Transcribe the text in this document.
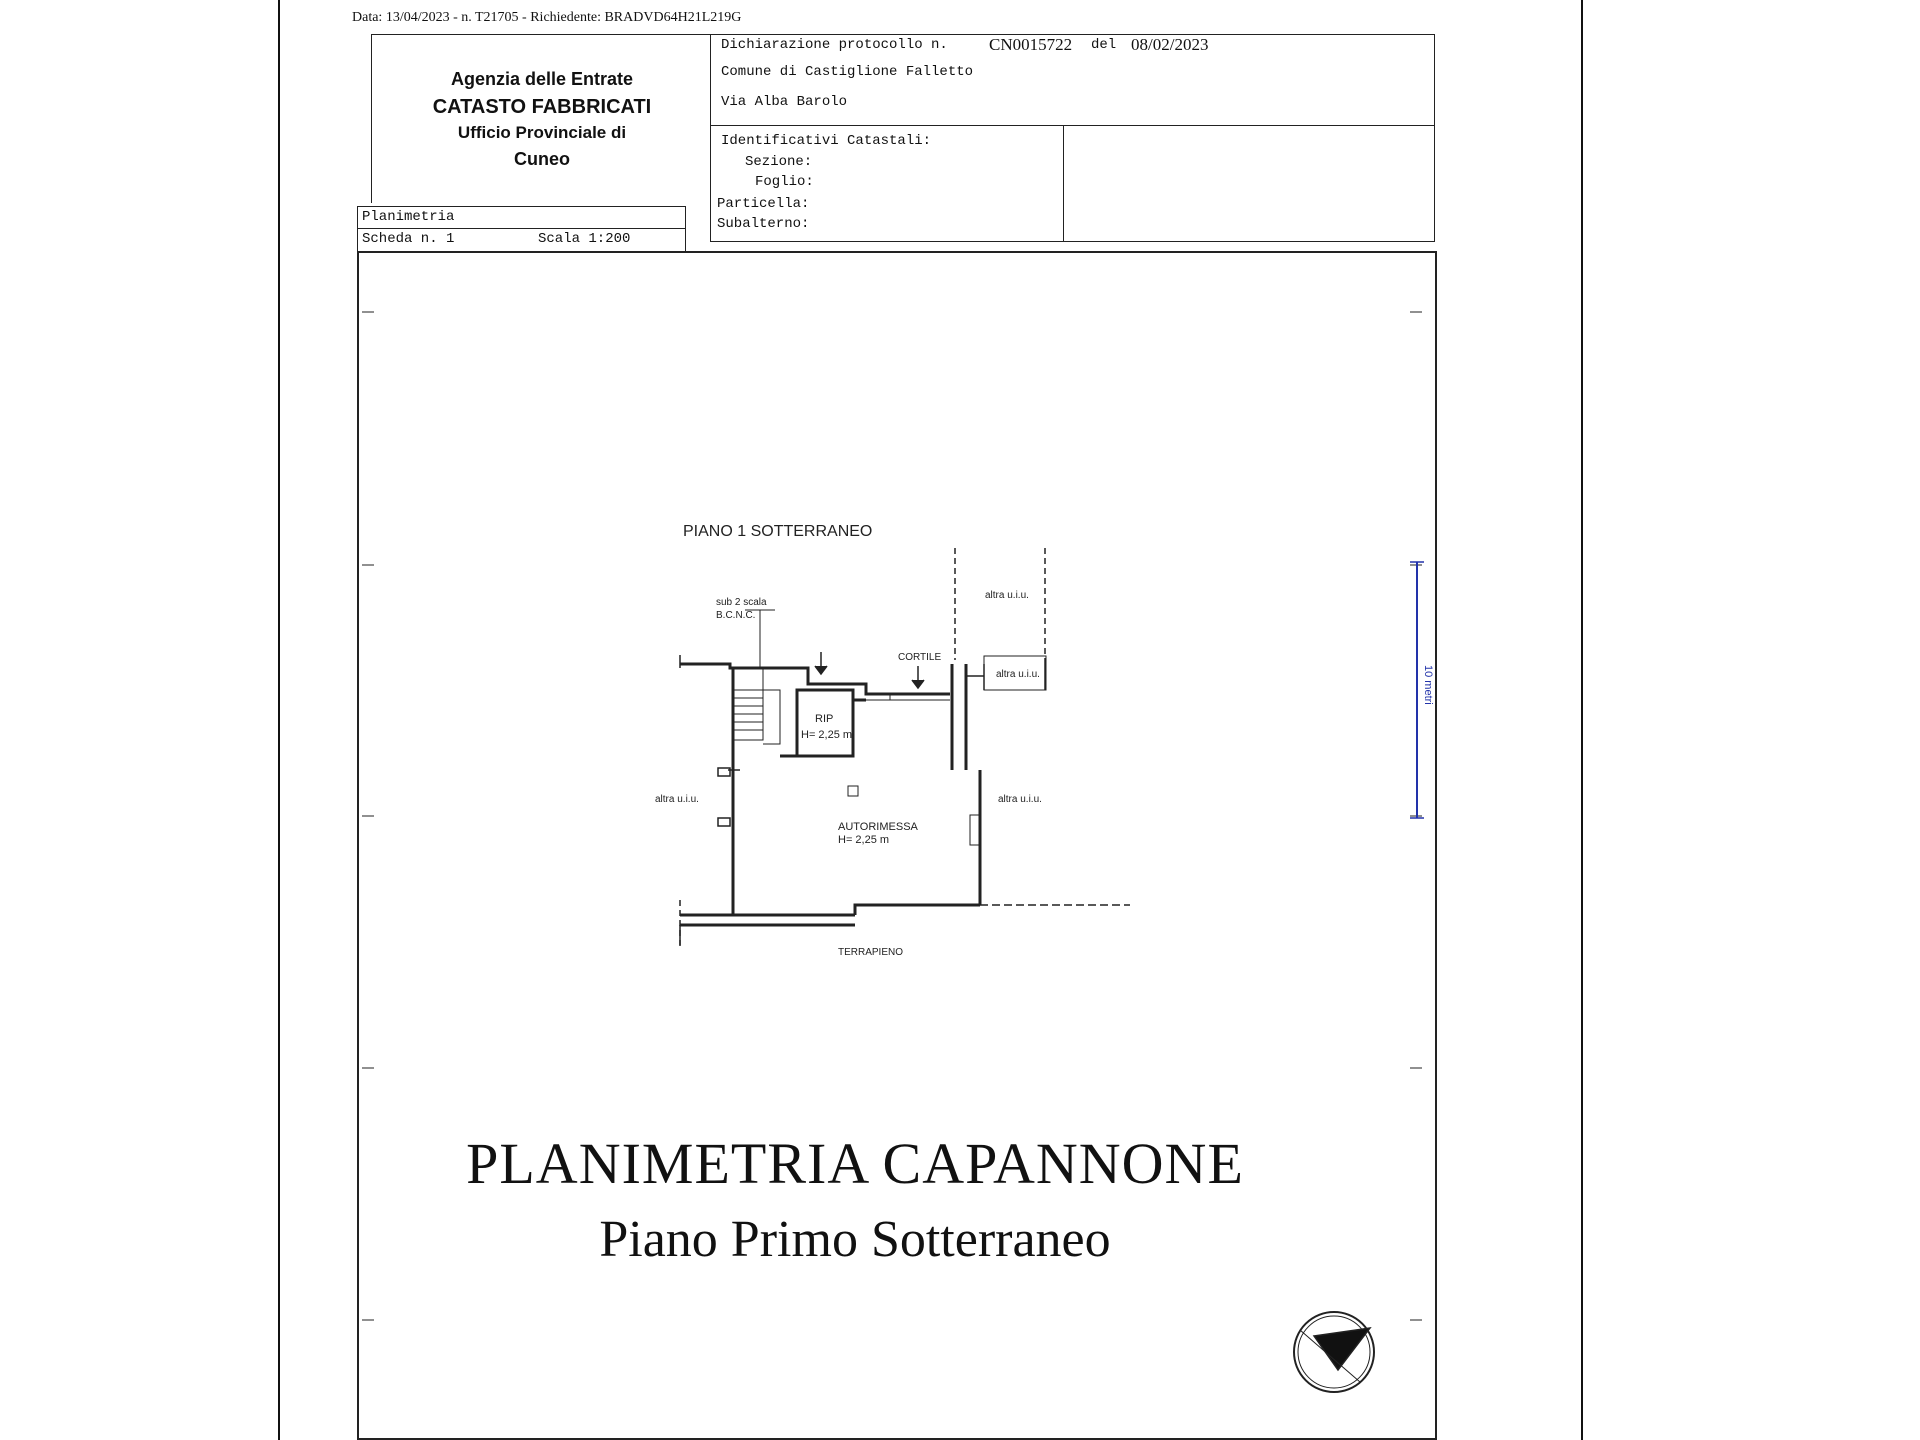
Data: 13/04/2023 - n. T21705 - Richiedente: BRADVD64H21L219G
Agenzia delle Entrate
CATASTO FABBRICATI
Ufficio Provinciale di
Cuneo
Planimetria
Scheda n. 1	Scala 1:200
Dichiarazione protocollo n. CN0015722 del 08/02/2023
Comune di Castiglione Falletto
Via Alba Barolo
Identificativi Catastali:
Sezione:
Foglio:
Particella:
Subalterno:
PIANO 1 SOTTERRANEO
sub 2 scala
B.C.N.C.
altra u.i.u.
altra u.i.u.
CORTILE
RIP
H= 2,25 m
altra u.i.u.	altra u.i.u.
AUTORIMESSA
H= 2,25 m
TERRAPIENO
10 metri
PLANIMETRIA CAPANNONE
Piano Primo Sotterraneo
